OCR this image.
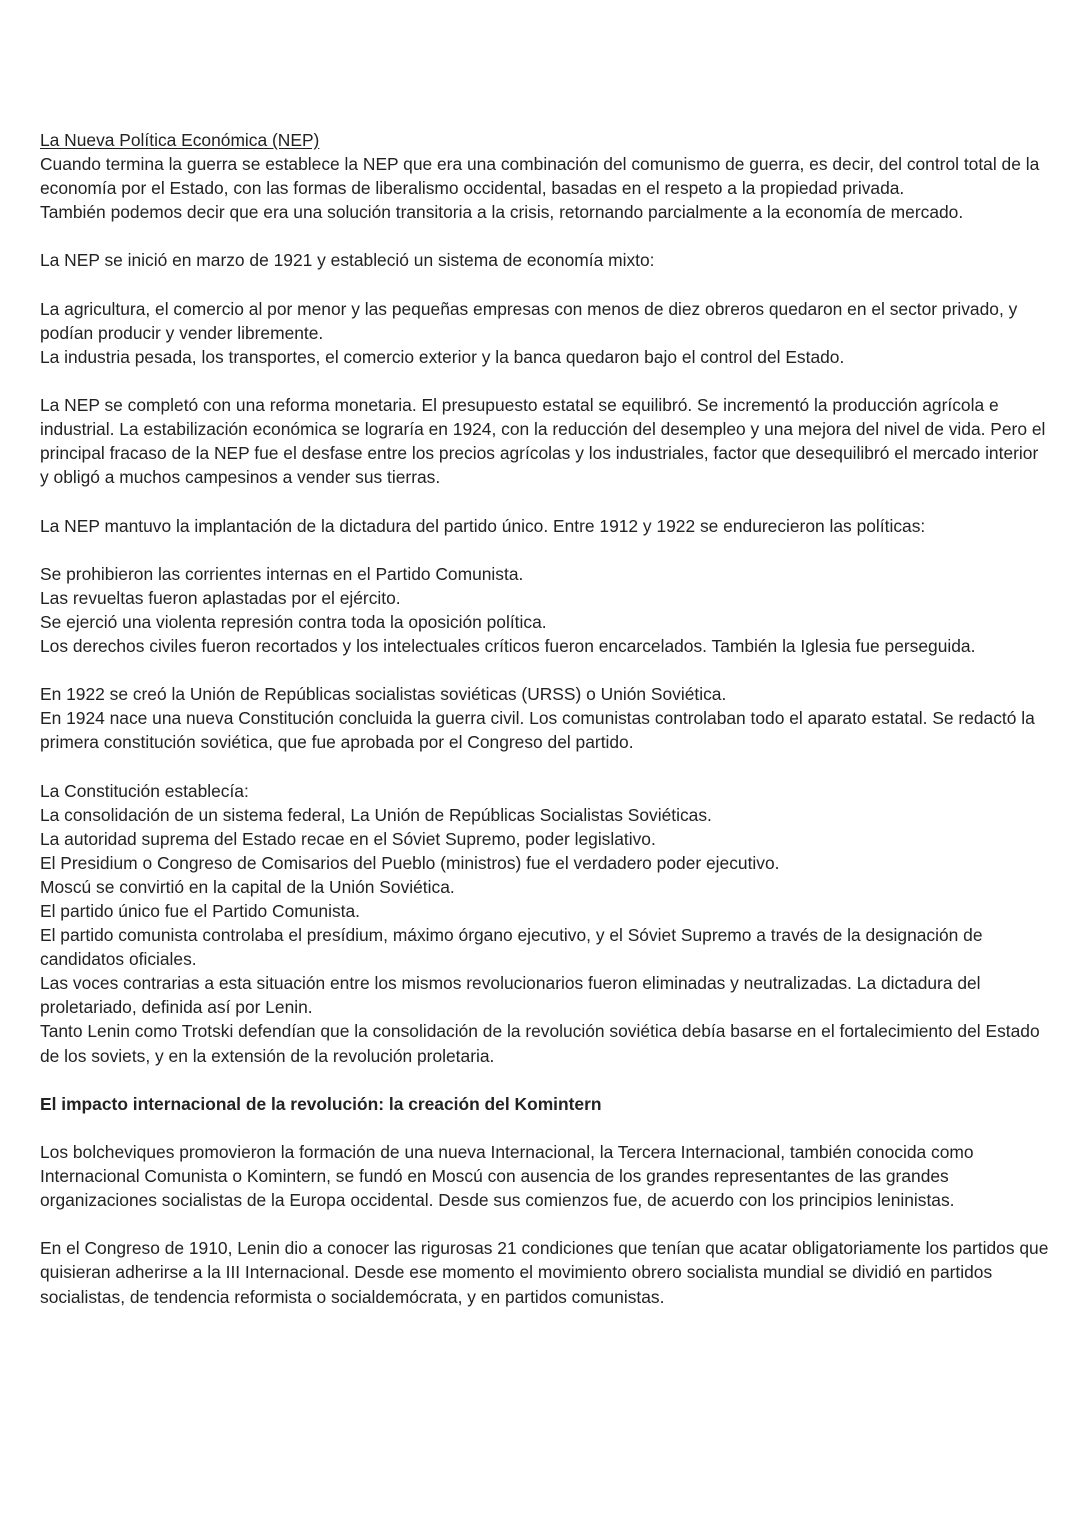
La Nueva Política Económica (NEP)

Cuando termina la guerra se establece la NEP que era una combinación del comunismo de guerra, es decir, del control total de la economía por el Estado, con las formas de liberalismo occidental, basadas en el respeto a la propiedad privada.

También podemos decir que era una solución transitoria a la crisis, retornando parcialmente a la economía de mercado.

La NEP se inició en marzo de 1921 y estableció un sistema de economía mixto:

La agricultura, el comercio al por menor y las pequeñas empresas con menos de diez obreros quedaron en el sector privado, y podían producir y vender libremente.

La industria pesada, los transportes, el comercio exterior y la banca quedaron bajo el control del Estado.

La NEP se completó con una reforma monetaria. El presupuesto estatal se equilibró. Se incrementó la producción agrícola e industrial. La estabilización económica se lograría en 1924, con la reducción del desempleo y una mejora del nivel de vida. Pero el principal fracaso de la NEP fue el desfase entre los precios agrícolas y los industriales, factor que desequilibró el mercado interior y obligó a muchos campesinos a vender sus tierras.

La NEP mantuvo la implantación de la dictadura del partido único. Entre 1912 y 1922 se endurecieron las políticas:

Se prohibieron las corrientes internas en el Partido Comunista.

Las revueltas fueron aplastadas por el ejército.

Se ejerció una violenta represión contra toda la oposición política.

Los derechos civiles fueron recortados y los intelectuales críticos fueron encarcelados. También la Iglesia fue perseguida.

En 1922 se creó la Unión de Repúblicas socialistas soviéticas (URSS) o Unión Soviética.

En 1924 nace una nueva Constitución concluida la guerra civil. Los comunistas controlaban todo el aparato estatal. Se redactó la primera constitución soviética, que fue aprobada por el Congreso del partido.

La Constitución establecía:

La consolidación de un sistema federal, La Unión de Repúblicas Socialistas Soviéticas.

La autoridad suprema del Estado recae en el Sóviet Supremo, poder legislativo.

El Presidium o Congreso de Comisarios del Pueblo (ministros) fue el verdadero poder ejecutivo.

Moscú se convirtió en la capital de la Unión Soviética.

El partido único fue el Partido Comunista.

El partido comunista controlaba el presídium, máximo órgano ejecutivo, y el Sóviet Supremo a través de la designación de candidatos oficiales.

Las voces contrarias a esta situación entre los mismos revolucionarios fueron eliminadas y neutralizadas. La dictadura del proletariado, definida así por Lenin.

Tanto Lenin como Trotski defendían que la consolidación de la revolución soviética debía basarse en el fortalecimiento del Estado de los soviets, y en la extensión de la revolución proletaria.

El impacto internacional de la revolución: la creación del Komintern

Los bolcheviques promovieron la formación de una nueva Internacional, la Tercera Internacional, también conocida como Internacional Comunista o Komintern, se fundó en Moscú con ausencia de los grandes representantes de las grandes organizaciones socialistas de la Europa occidental. Desde sus comienzos fue, de acuerdo con los principios leninistas.

En el Congreso de 1910, Lenin dio a conocer las rigurosas 21 condiciones que tenían que acatar obligatoriamente los partidos que quisieran adherirse a la III Internacional. Desde ese momento el movimiento obrero socialista mundial se dividió en partidos socialistas, de tendencia reformista o socialdemócrata, y en partidos comunistas.
